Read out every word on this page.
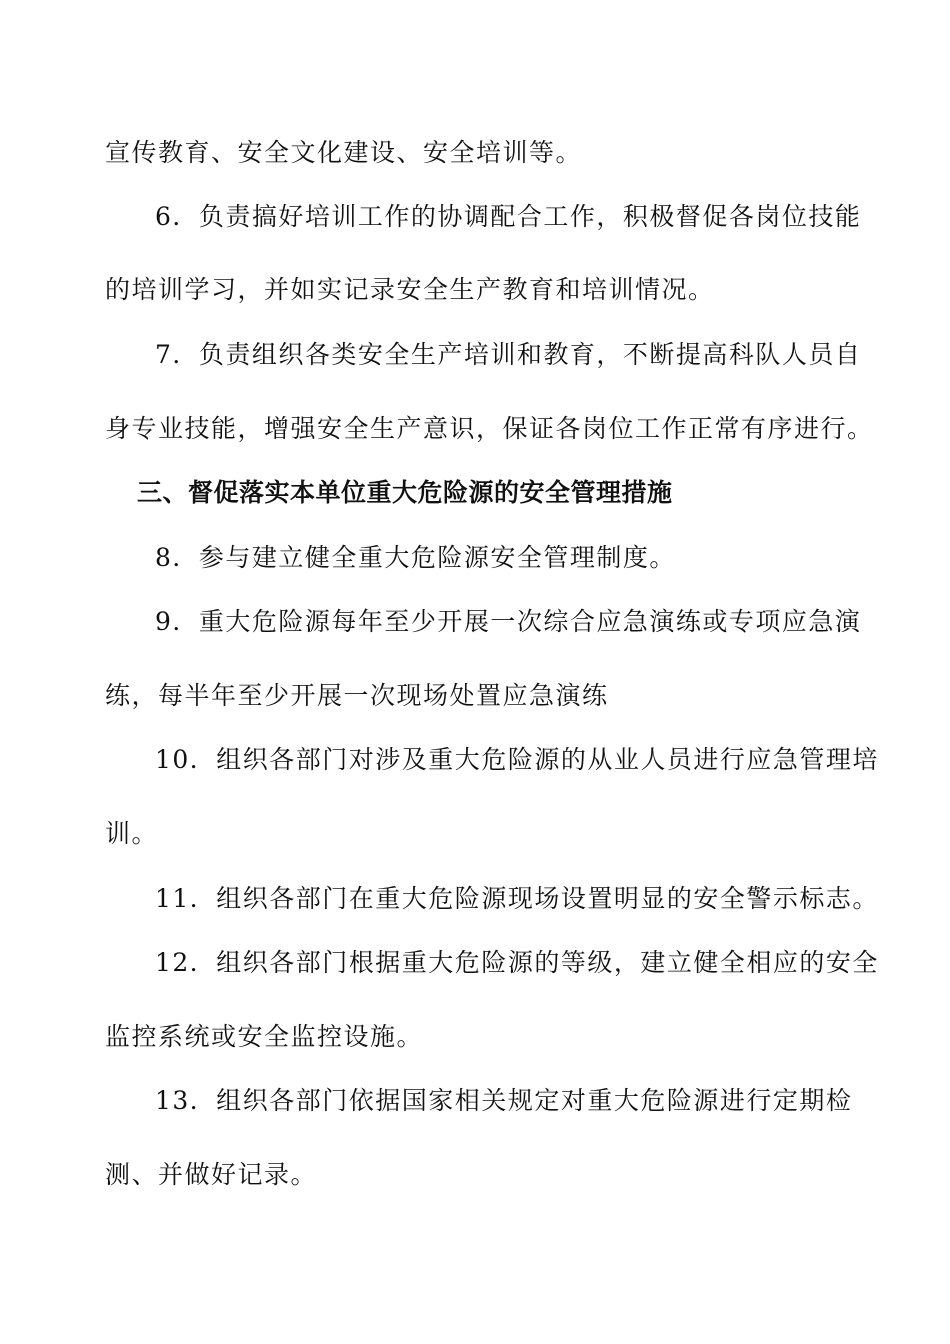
宣传教育、安全文化建设、安全培训等。
6．负责搞好培训工作的协调配合工作，积极督促各岗位技能
的培训学习，并如实记录安全生产教育和培训情况。
7．负责组织各类安全生产培训和教育，不断提高科队人员自
身专业技能，增强安全生产意识，保证各岗位工作正常有序进行。
三、督促落实本单位重大危险源的安全管理措施
8．参与建立健全重大危险源安全管理制度。
9．重大危险源每年至少开展一次综合应急演练或专项应急演
练，每半年至少开展一次现场处置应急演练
10．组织各部门对涉及重大危险源的从业人员进行应急管理培
训。
11．组织各部门在重大危险源现场设置明显的安全警示标志。
12．组织各部门根据重大危险源的等级，建立健全相应的安全
监控系统或安全监控设施。
13．组织各部门依据国家相关规定对重大危险源进行定期检
测、并做好记录。
